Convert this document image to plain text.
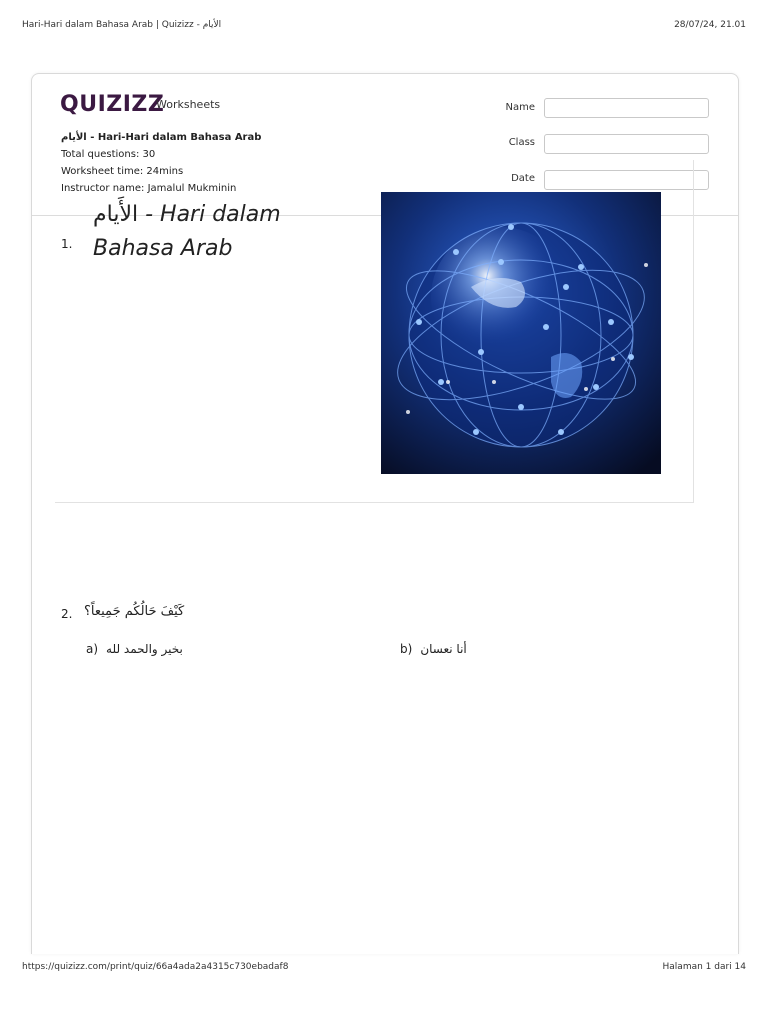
Hari-Hari dalam Bahasa Arab | Quizizz - الأيام	28/07/24, 21.01
QUIZIZZ
Worksheets
الأيام - Hari-Hari dalam Bahasa Arab
Total questions: 30
Worksheet time: 24mins
Instructor name: Jamalul Mukminin
Name
Class
Date
1.
الأَيام - Hari dalam Bahasa Arab
2. كَيْفَ حَالُكُم جَمِيعاً؟
a) بخير والحمد لله	b) أنا نعسان
https://quizizz.com/print/quiz/66a4ada2a4315c730ebadaf8	Halaman 1 dari 14
